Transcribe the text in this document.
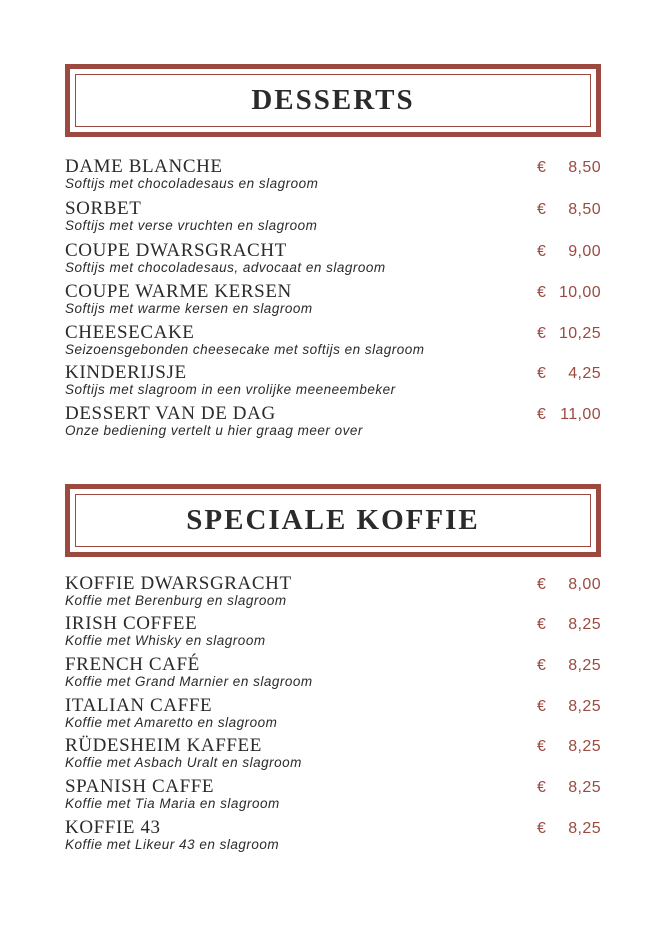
DESSERTS
DAME BLANCHE
Softijs met chocoladesaus en slagroom
€ 8,50
SORBET
Softijs met verse vruchten en slagroom
€ 8,50
COUPE DWARSGRACHT
Softijs met chocoladesaus, advocaat en slagroom
€ 9,00
COUPE WARME KERSEN
Softijs met warme kersen en slagroom
€ 10,00
CHEESECAKE
Seizoensgebonden cheesecake met softijs en slagroom
€ 10,25
KINDERIJSJE
Softijs met slagroom in een vrolijke meeneembeker
€ 4,25
DESSERT VAN DE DAG
Onze bediening vertelt u hier graag meer over
€ 11,00
SPECIALE KOFFIE
KOFFIE DWARSGRACHT
Koffie met Berenburg en slagroom
€ 8,00
IRISH COFFEE
Koffie met Whisky en slagroom
€ 8,25
FRENCH CAFÉ
Koffie met Grand Marnier en slagroom
€ 8,25
ITALIAN CAFFE
Koffie met Amaretto en slagroom
€ 8,25
RÜDESHEIM KAFFEE
Koffie met Asbach Uralt en slagroom
€ 8,25
SPANISH CAFFE
Koffie met Tia Maria en slagroom
€ 8,25
KOFFIE 43
Koffie met Likeur 43 en slagroom
€ 8,25
